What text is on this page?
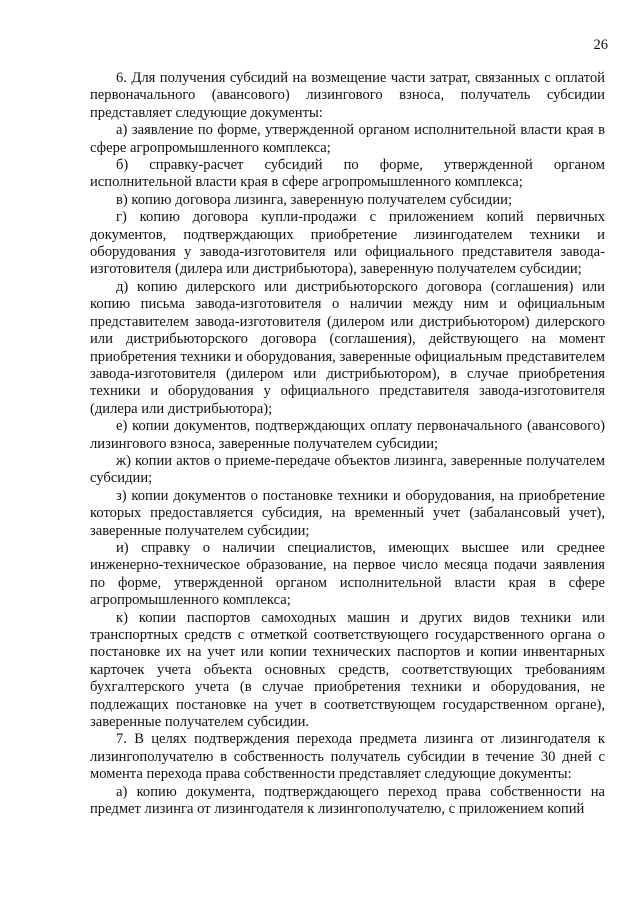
26

6. Для получения субсидий на возмещение части затрат, связанных с оплатой первоначального (авансового) лизингового взноса, получатель субсидии представляет следующие документы:

а) заявление по форме, утвержденной органом исполнительной власти края в сфере агропромышленного комплекса;

б) справку-расчет субсидий по форме, утвержденной органом исполнительной власти края в сфере агропромышленного комплекса;

в) копию договора лизинга, заверенную получателем субсидии;

г) копию договора купли-продажи с приложением копий первичных документов, подтверждающих приобретение лизингодателем техники и оборудования у завода-изготовителя или официального представителя завода-изготовителя (дилера или дистрибьютора), заверенную получателем субсидии;

д) копию дилерского или дистрибьюторского договора (соглашения) или копию письма завода-изготовителя о наличии между ним и официальным представителем завода-изготовителя (дилером или дистрибьютором) дилерского или дистрибьюторского договора (соглашения), действующего на момент приобретения техники и оборудования, заверенные официальным представителем завода-изготовителя (дилером или дистрибьютором), в случае приобретения техники и оборудования у официального представителя завода-изготовителя (дилера или дистрибьютора);

е) копии документов, подтверждающих оплату первоначального (авансового) лизингового взноса, заверенные получателем субсидии;

ж) копии актов о приеме-передаче объектов лизинга, заверенные получателем субсидии;

з) копии документов о постановке техники и оборудования, на приобретение которых предоставляется субсидия, на временный учет (забалансовый учет), заверенные получателем субсидии;

и) справку о наличии специалистов, имеющих высшее или среднее инженерно-техническое образование, на первое число месяца подачи заявления по форме, утвержденной органом исполнительной власти края в сфере агропромышленного комплекса;

к) копии паспортов самоходных машин и других видов техники или транспортных средств с отметкой соответствующего государственного органа о постановке их на учет или копии технических паспортов и копии инвентарных карточек учета объекта основных средств, соответствующих требованиям бухгалтерского учета (в случае приобретения техники и оборудования, не подлежащих постановке на учет в соответствующем государственном органе), заверенные получателем субсидии.

7. В целях подтверждения перехода предмета лизинга от лизингодателя к лизингополучателю в собственность получатель субсидии в течение 30 дней с момента перехода права собственности представляет следующие документы:

а) копию документа, подтверждающего переход права собственности на предмет лизинга от лизингодателя к лизингополучателю, с приложением копий
